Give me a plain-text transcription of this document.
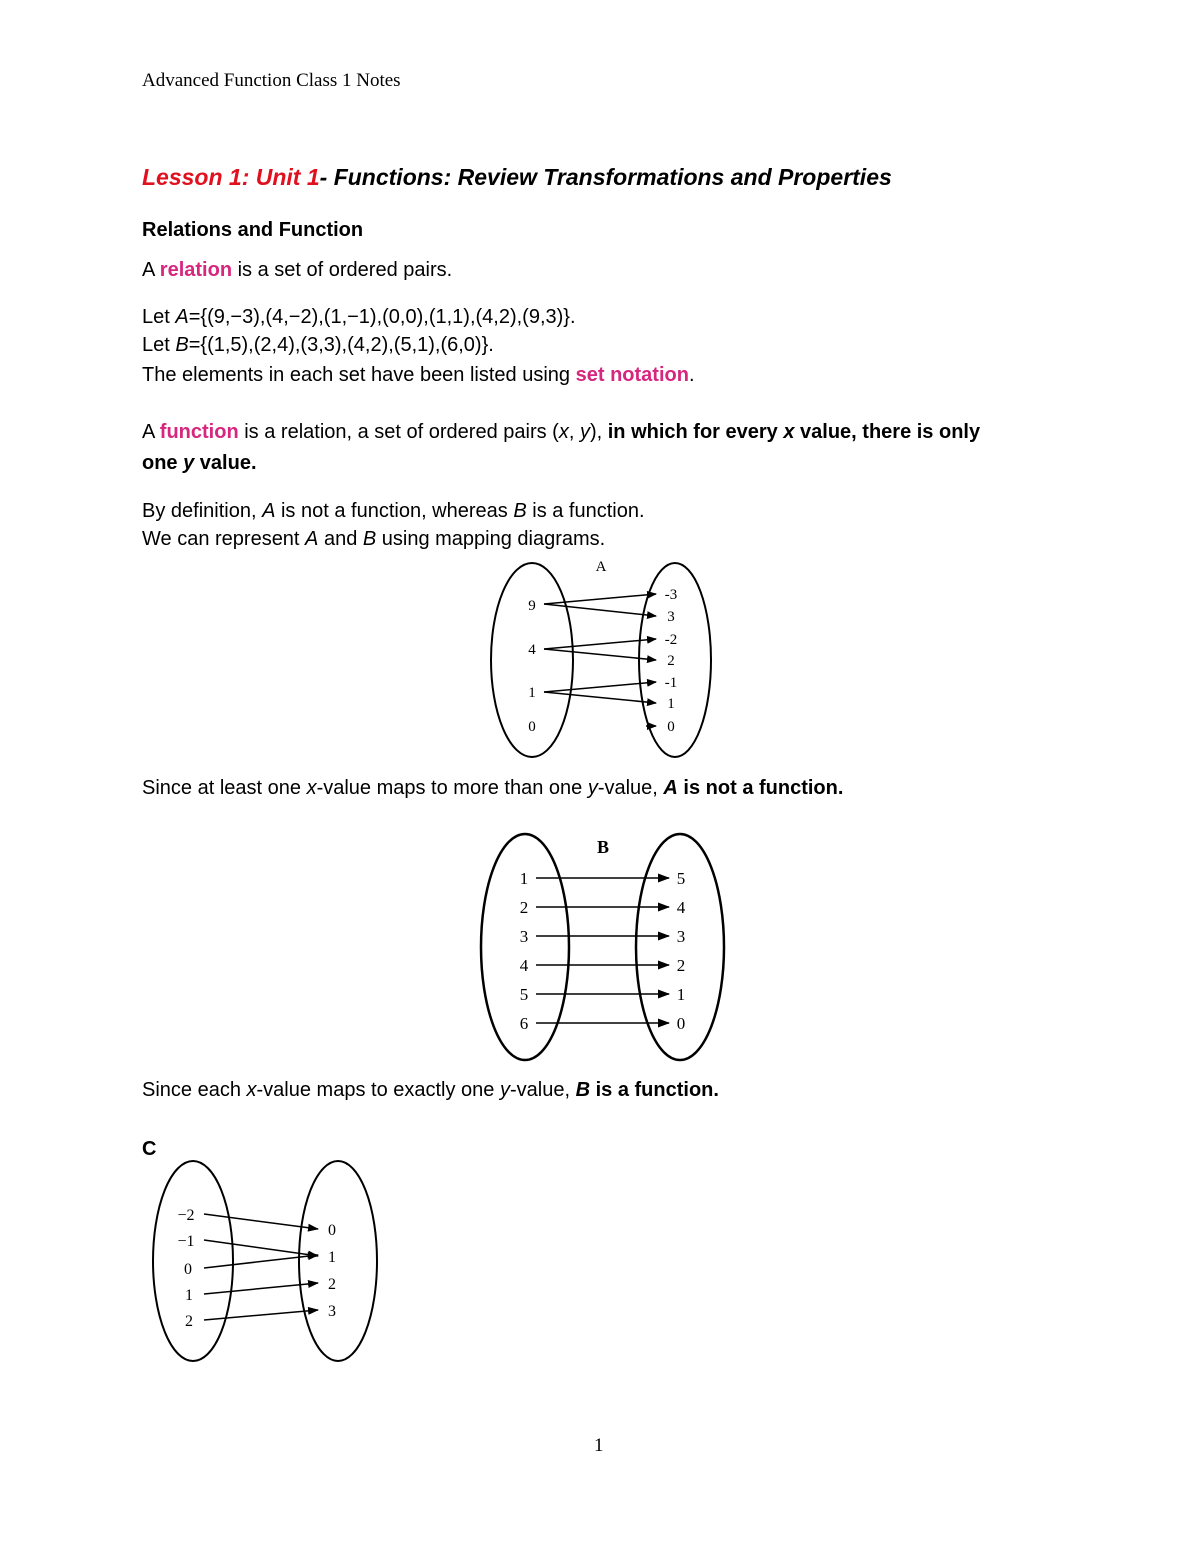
Advanced Function Class 1 Notes
Lesson 1: Unit 1- Functions: Review Transformations and Properties
Relations and Function
A relation is a set of ordered pairs.
Let A={(9,−3),(4,−2),(1,−1),(0,0),(1,1),(4,2),(9,3)}.
Let B={(1,5),(2,4),(3,3),(4,2),(5,1),(6,0)}.
The elements in each set have been listed using set notation.
A function is a relation, a set of ordered pairs (x, y), in which for every x value, there is only
one y value.
By definition, A is not a function, whereas B is a function.
We can represent A and B using mapping diagrams.
A
9
4
1
0
-3
3
-2
2
-1
1
0
Since at least one x-value maps to more than one y-value, A is not a function.
B
1
2
3
4
5
6
5
4
3
2
1
0
Since each x-value maps to exactly one y-value, B is a function.
C
−2
−1
0
1
2
0
1
2
3
1
